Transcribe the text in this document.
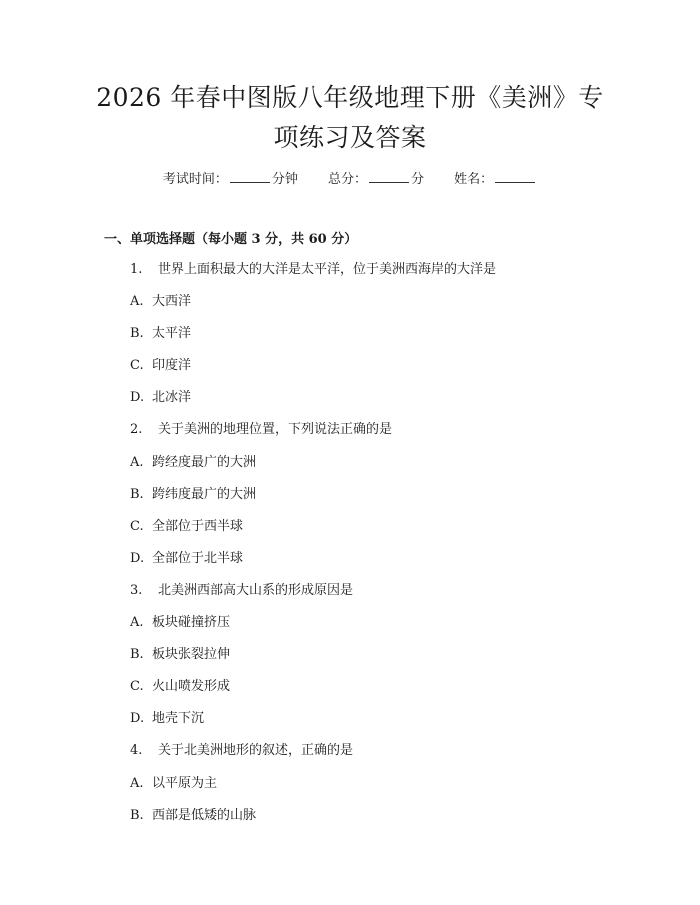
2026 年春中图版八年级地理下册《美洲》专
项练习及答案
考试时间：	分钟 总分：	分 姓名：
一、单项选择题（每小题 3 分，共 60 分）
1. 世界上面积最大的大洋是太平洋，位于美洲西海岸的大洋是
A. 大西洋
B. 太平洋
C. 印度洋
D. 北冰洋
2. 关于美洲的地理位置，下列说法正确的是
A. 跨经度最广的大洲
B. 跨纬度最广的大洲
C. 全部位于西半球
D. 全部位于北半球
3. 北美洲西部高大山系的形成原因是
A. 板块碰撞挤压
B. 板块张裂拉伸
C. 火山喷发形成
D. 地壳下沉
4. 关于北美洲地形的叙述，正确的是
A. 以平原为主
B. 西部是低矮的山脉
